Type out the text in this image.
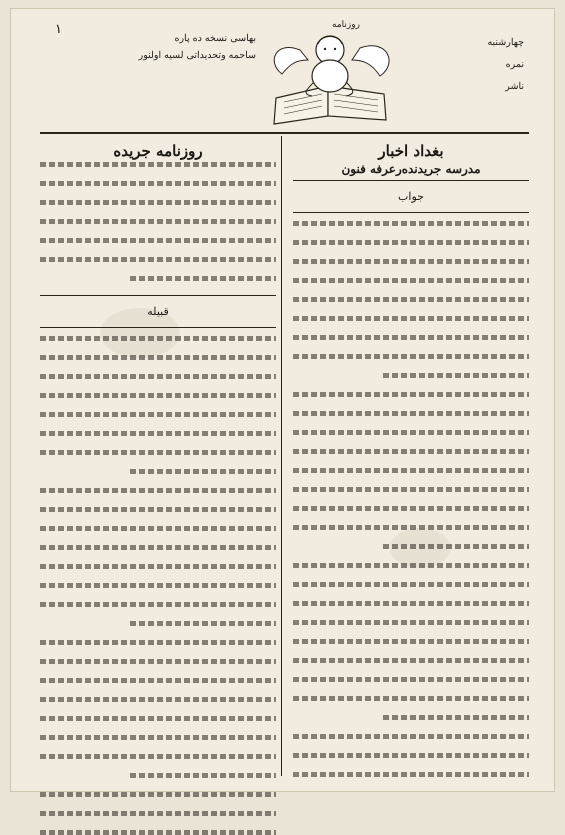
١
بهاسی نسخه ده پاره
ساحمه وتحدیداتی لسیه اولنور
روزنامه
چهارشنبه
نمره
ناشر
بغداد اخبار
مدرسه جریدنده‌رعرفه فنون
جواب
روزنامه جریده
قبیله
